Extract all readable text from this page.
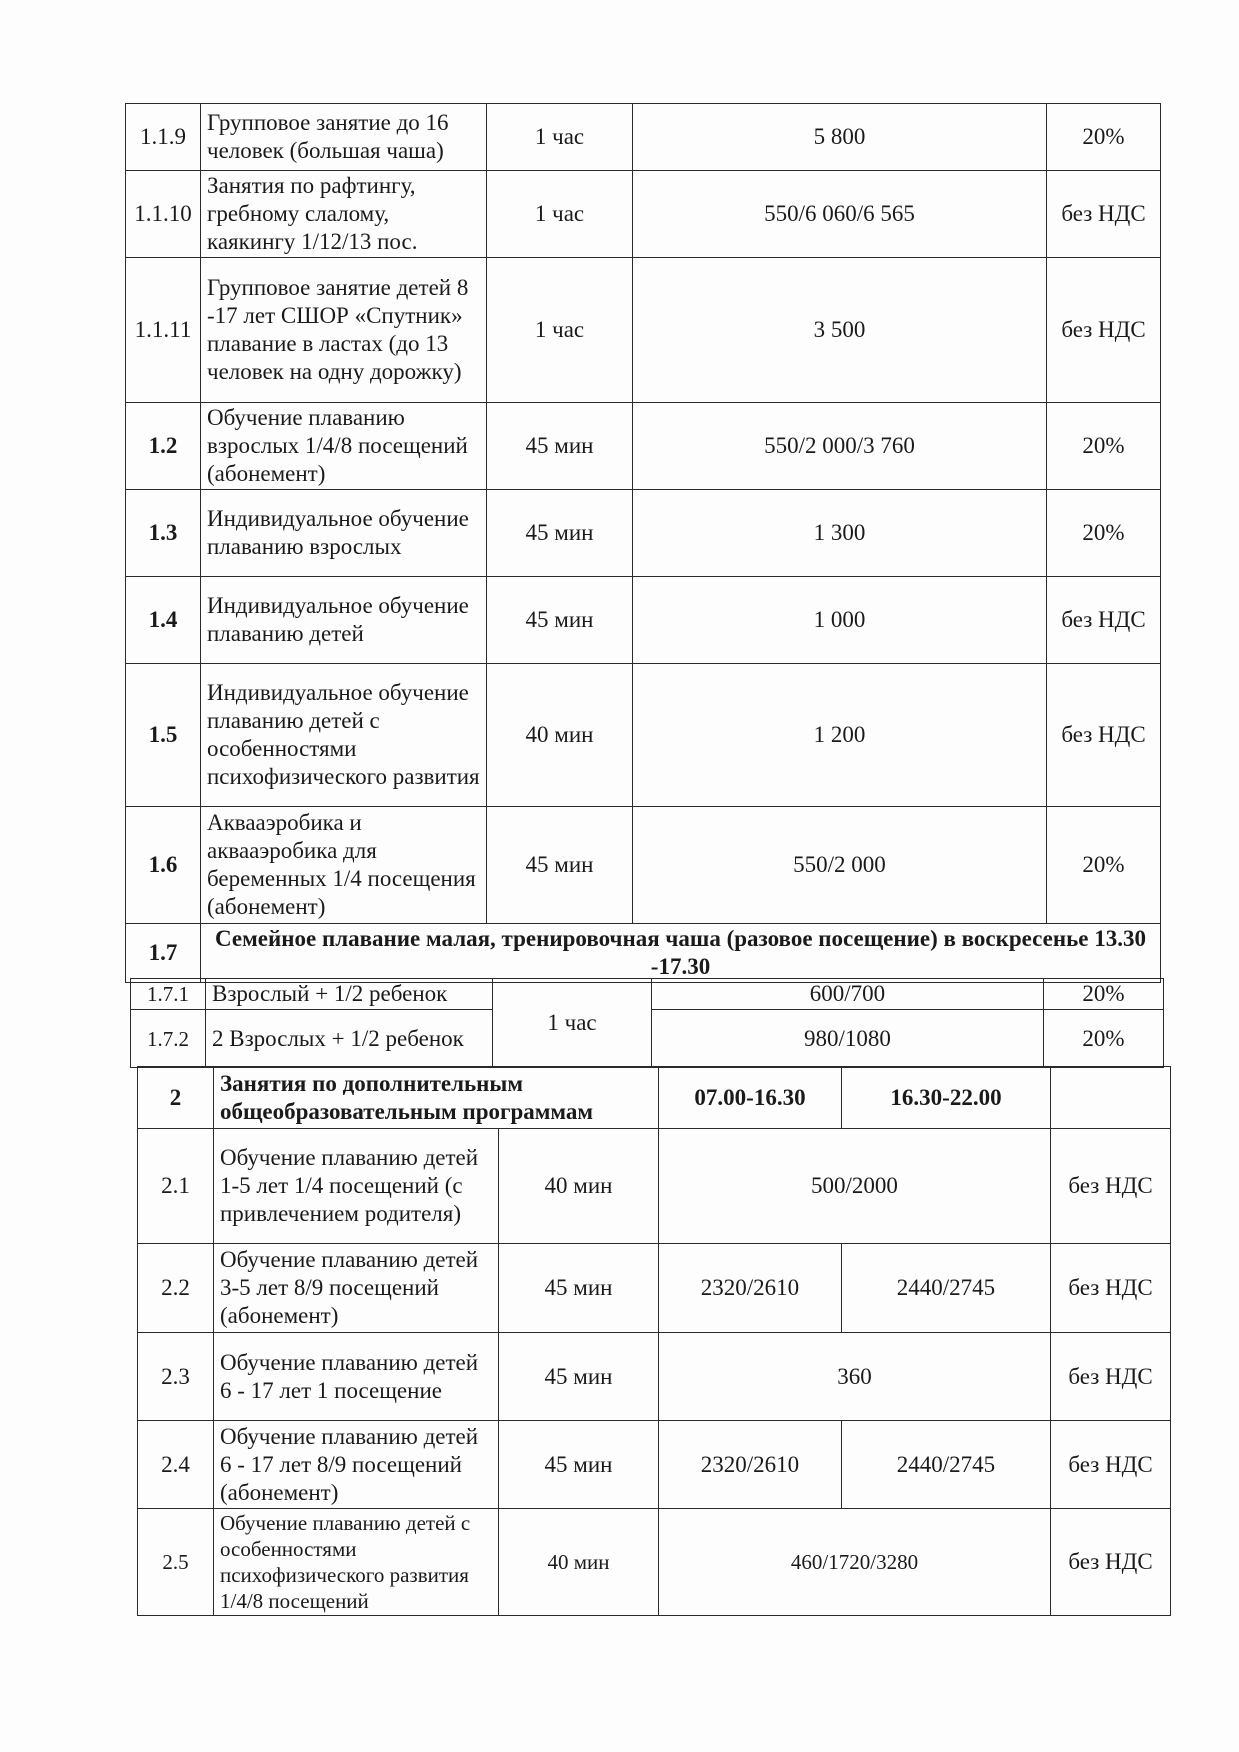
1.1.9	Групповое занятие до 16 человек (большая чаша)	1 час	5 800	20%
1.1.10	Занятия по рафтингу, гребному слалому, каякингу 1/12/13 пос.	1 час	550/6 060/6 565	без НДС
1.1.11	Групповое занятие детей 8 -17 лет СШОР «Спутник» плавание в ластах (до 13 человек на одну дорожку)	1 час	3 500	без НДС
1.2	Обучение плаванию взрослых 1/4/8 посещений (абонемент)	45 мин	550/2 000/3 760	20%
1.3	Индивидуальное обучение плаванию взрослых	45 мин	1 300	20%
1.4	Индивидуальное обучение плаванию детей	45 мин	1 000	без НДС
1.5	Индивидуальное обучение плаванию детей с особенностями психофизического развития	40 мин	1 200	без НДС
1.6	Аквааэробика и аквааэробика для беременных 1/4 посещения (абонемент)	45 мин	550/2 000	20%
1.7	Семейное плавание малая, тренировочная чаша (разовое посещение) в воскресенье 13.30 -17.30			
1.7.1	Взрослый + 1/2 ребенок	1 час	600/700	20%
1.7.2	2 Взрослых + 1/2 ребенок		980/1080	20%
2	Занятия по дополнительным общеобразовательным программам		07.00-16.30	16.30-22.00	
2.1	Обучение плаванию детей 1-5 лет 1/4 посещений (с привлечением родителя)	40 мин	500/2000		без НДС
2.2	Обучение плаванию детей 3-5 лет 8/9 посещений (абонемент)	45 мин	2320/2610	2440/2745	без НДС
2.3	Обучение плаванию детей 6 - 17 лет 1 посещение	45 мин	360		без НДС
2.4	Обучение плаванию детей 6 - 17 лет 8/9 посещений (абонемент)	45 мин	2320/2610	2440/2745	без НДС
2.5	Обучение плаванию детей с особенностями психофизического развития 1/4/8 посещений	40 мин	460/1720/3280		без НДС
